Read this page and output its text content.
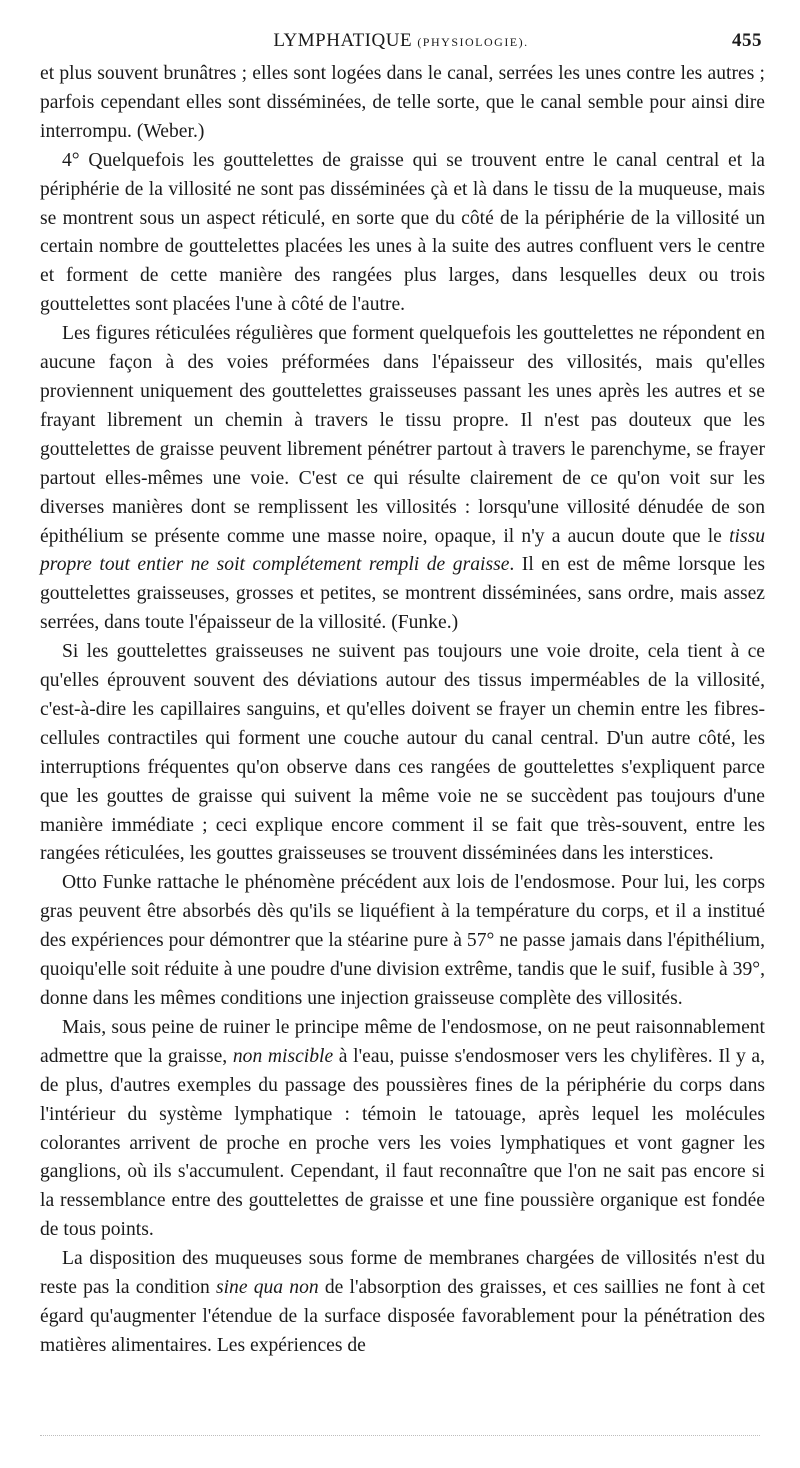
LYMPHATIQUE (PHYSIOLOGIE).	455

et plus souvent brunâtres ; elles sont logées dans le canal, serrées les unes contre les autres ; parfois cependant elles sont disséminées, de telle sorte, que le canal semble pour ainsi dire interrompu. (Weber.)

4° Quelquefois les gouttelettes de graisse qui se trouvent entre le canal central et la périphérie de la villosité ne sont pas disséminées çà et là dans le tissu de la muqueuse, mais se montrent sous un aspect réticulé, en sorte que du côté de la périphérie de la villosité un certain nombre de gouttelettes placées les unes à la suite des autres confluent vers le centre et forment de cette manière des rangées plus larges, dans lesquelles deux ou trois gouttelettes sont placées l'une à côté de l'autre.

Les figures réticulées régulières que forment quelquefois les gouttelettes ne répondent en aucune façon à des voies préformées dans l'épaisseur des villosités, mais qu'elles proviennent uniquement des gouttelettes graisseuses passant les unes après les autres et se frayant librement un chemin à travers le tissu propre. Il n'est pas douteux que les gouttelettes de graisse peuvent librement pénétrer partout à travers le parenchyme, se frayer partout elles-mêmes une voie. C'est ce qui résulte clairement de ce qu'on voit sur les diverses manières dont se remplissent les villosités : lorsqu'une villosité dénudée de son épithélium se présente comme une masse noire, opaque, il n'y a aucun doute que le tissu propre tout entier ne soit complétement rempli de graisse. Il en est de même lorsque les gouttelettes graisseuses, grosses et petites, se montrent disséminées, sans ordre, mais assez serrées, dans toute l'épaisseur de la villosité. (Funke.)

Si les gouttelettes graisseuses ne suivent pas toujours une voie droite, cela tient à ce qu'elles éprouvent souvent des déviations autour des tissus imperméables de la villosité, c'est-à-dire les capillaires sanguins, et qu'elles doivent se frayer un chemin entre les fibres-cellules contractiles qui forment une couche autour du canal central. D'un autre côté, les interruptions fréquentes qu'on observe dans ces rangées de gouttelettes s'expliquent parce que les gouttes de graisse qui suivent la même voie ne se succèdent pas toujours d'une manière immédiate ; ceci explique encore comment il se fait que très-souvent, entre les rangées réticulées, les gouttes graisseuses se trouvent disséminées dans les interstices.

Otto Funke rattache le phénomène précédent aux lois de l'endosmose. Pour lui, les corps gras peuvent être absorbés dès qu'ils se liquéfient à la température du corps, et il a institué des expériences pour démontrer que la stéarine pure à 57° ne passe jamais dans l'épithélium, quoiqu'elle soit réduite à une poudre d'une division extrême, tandis que le suif, fusible à 39°, donne dans les mêmes conditions une injection graisseuse complète des villosités.

Mais, sous peine de ruiner le principe même de l'endosmose, on ne peut raisonnablement admettre que la graisse, non miscible à l'eau, puisse s'endosmoser vers les chylifères. Il y a, de plus, d'autres exemples du passage des poussières fines de la périphérie du corps dans l'intérieur du système lymphatique : témoin le tatouage, après lequel les molécules colorantes arrivent de proche en proche vers les voies lymphatiques et vont gagner les ganglions, où ils s'accumulent. Cependant, il faut reconnaître que l'on ne sait pas encore si la ressemblance entre des gouttelettes de graisse et une fine poussière organique est fondée de tous points.

La disposition des muqueuses sous forme de membranes chargées de villosités n'est du reste pas la condition sine qua non de l'absorption des graisses, et ces saillies ne font à cet égard qu'augmenter l'étendue de la surface disposée favorablement pour la pénétration des matières alimentaires. Les expériences de
